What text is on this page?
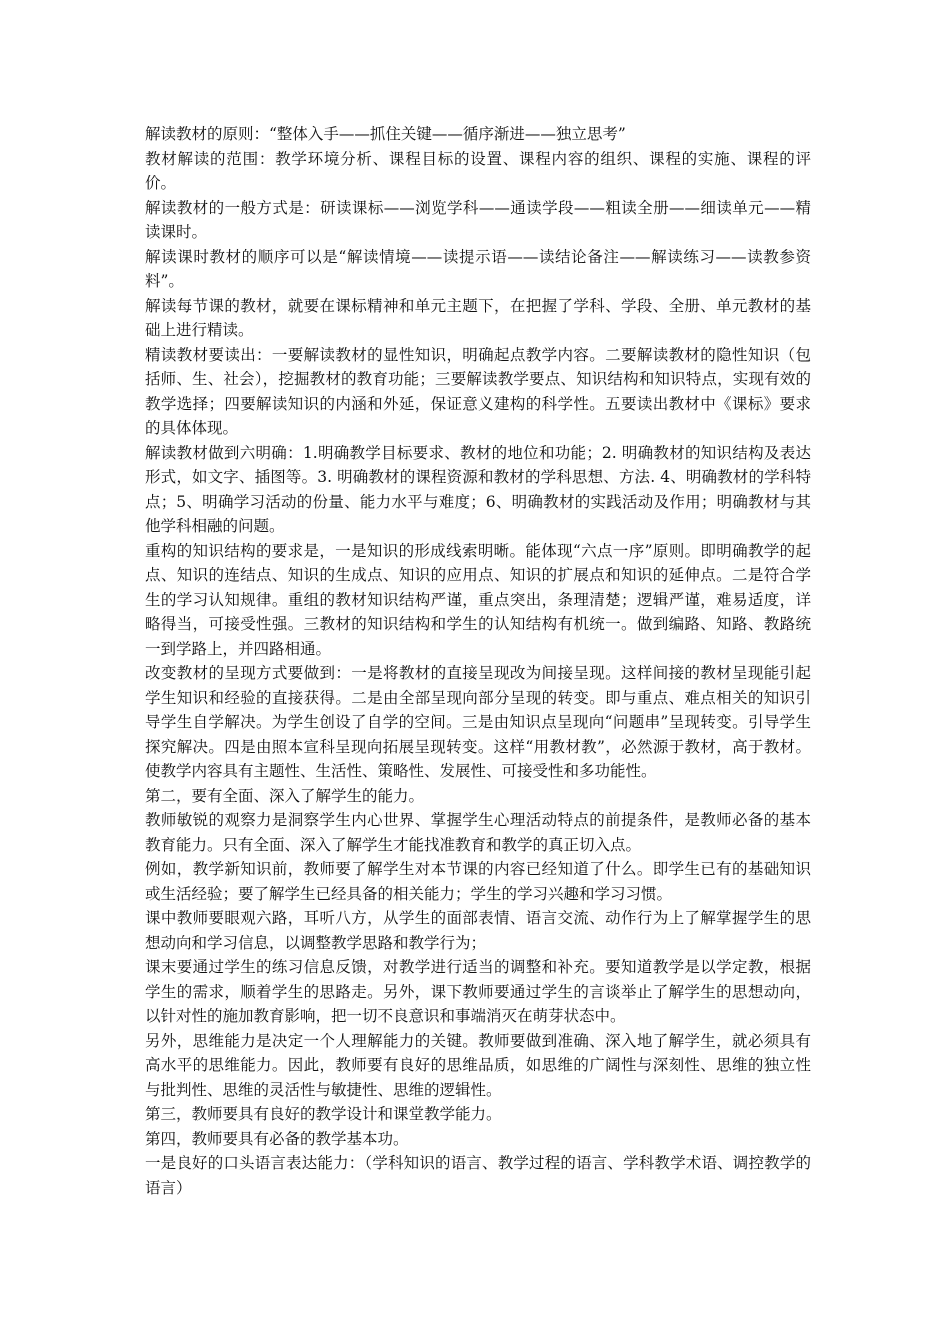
解读教材的原则：“整体入手——抓住关键——循序渐进——独立思考”

教材解读的范围：教学环境分析、课程目标的设置、课程内容的组织、课程的实施、课程的评价。

解读教材的一般方式是：研读课标——浏览学科——通读学段——粗读全册——细读单元——精读课时。

解读课时教材的顺序可以是“解读情境——读提示语——读结论备注——解读练习——读教参资料”。

解读每节课的教材，就要在课标精神和单元主题下，在把握了学科、学段、全册、单元教材的基础上进行精读。

精读教材要读出：一要解读教材的显性知识，明确起点教学内容。二要解读教材的隐性知识（包括师、生、社会），挖掘教材的教育功能；三要解读教学要点、知识结构和知识特点，实现有效的教学选择；四要解读知识的内涵和外延，保证意义建构的科学性。五要读出教材中《课标》要求的具体体现。

解读教材做到六明确：1.明确教学目标要求、教材的地位和功能；2. 明确教材的知识结构及表达形式，如文字、插图等。3. 明确教材的课程资源和教材的学科思想、方法. 4、明确教材的学科特点；5、明确学习活动的份量、能力水平与难度；6、明确教材的实践活动及作用；明确教材与其他学科相融的问题。

重构的知识结构的要求是，一是知识的形成线索明晰。能体现“六点一序”原则。即明确教学的起点、知识的连结点、知识的生成点、知识的应用点、知识的扩展点和知识的延伸点。二是符合学生的学习认知规律。重组的教材知识结构严谨，重点突出，条理清楚；逻辑严谨，难易适度，详略得当，可接受性强。三教材的知识结构和学生的认知结构有机统一。做到编路、知路、教路统一到学路上，并四路相通。

改变教材的呈现方式要做到：一是将教材的直接呈现改为间接呈现。这样间接的教材呈现能引起学生知识和经验的直接获得。二是由全部呈现向部分呈现的转变。即与重点、难点相关的知识引导学生自学解决。为学生创设了自学的空间。三是由知识点呈现向“问题串”呈现转变。引导学生探究解决。四是由照本宣科呈现向拓展呈现转变。这样“用教材教”，必然源于教材，高于教材。使教学内容具有主题性、生活性、策略性、发展性、可接受性和多功能性。

第二，要有全面、深入了解学生的能力。

教师敏锐的观察力是洞察学生内心世界、掌握学生心理活动特点的前提条件，是教师必备的基本教育能力。只有全面、深入了解学生才能找准教育和教学的真正切入点。

例如，教学新知识前，教师要了解学生对本节课的内容已经知道了什么。即学生已有的基础知识或生活经验；要了解学生已经具备的相关能力；学生的学习兴趣和学习习惯。

课中教师要眼观六路，耳听八方，从学生的面部表情、语言交流、动作行为上了解掌握学生的思想动向和学习信息，以调整教学思路和教学行为；

课末要通过学生的练习信息反馈，对教学进行适当的调整和补充。要知道教学是以学定教，根据学生的需求，顺着学生的思路走。另外，课下教师要通过学生的言谈举止了解学生的思想动向，以针对性的施加教育影响，把一切不良意识和事端消灭在萌芽状态中。

另外，思维能力是决定一个人理解能力的关键。教师要做到准确、深入地了解学生，就必须具有高水平的思维能力。因此，教师要有良好的思维品质，如思维的广阔性与深刻性、思维的独立性与批判性、思维的灵活性与敏捷性、思维的逻辑性。

第三，教师要具有良好的教学设计和课堂教学能力。

第四，教师要具有必备的教学基本功。

一是良好的口头语言表达能力：（学科知识的语言、教学过程的语言、学科教学术语、调控教学的语言）
